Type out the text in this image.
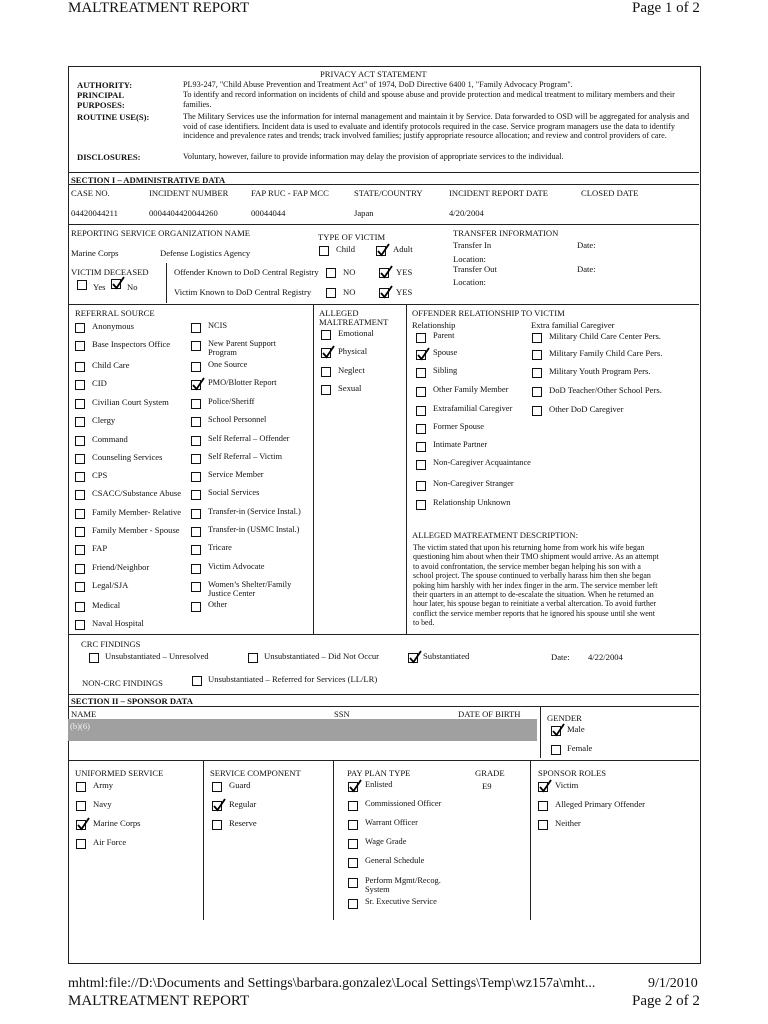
MALTREATMENT REPORT	Page 1 of 2
PRIVACY ACT STATEMENT
AUTHORITY:	PL93-247, "Child Abuse Prevention and Treatment Act" of 1974, DoD Directive 6400 1, "Family Advocacy Program".
PRINCIPAL
PURPOSES:
To identify and record information on incidents of child and spouse abuse and provide protection and medical treatment to military members and their families.
ROUTINE USE(S):	The Military Services use the information for internal management and maintain it by Service. Data forwarded to OSD will be aggregated for analysis and void of case identifiers. Incident data is used to evaluate and identify protocols required in the case. Service program managers use the data to identify incidence and prevalence rates and trends; track involved families; justify appropriate resource allocation; and review and control providers of care.
DISCLOSURES:	Voluntary, however, failure to provide information may delay the provision of appropriate services to the individual.
SECTION I – ADMINISTRATIVE DATA
CASE NO.	INCIDENT NUMBER	FAP RUC - FAP MCC	STATE/COUNTRY	INCIDENT REPORT DATE	CLOSED DATE
04420044211	0004404420044260	00044044	Japan	4/20/2004
REPORTING SERVICE ORGANIZATION NAME
Marine Corps	Defense Logistics Agency
TYPE OF VICTIM
Child	Adult
TRANSFER INFORMATION
Transfer In	Date:
Location:
Transfer Out	Date:
Location:
VICTIM DECEASED
Yes No
Offender Known to DoD Central Registry	NO	YES
Victim Known to DoD Central Registry	NO	YES
REFERRAL SOURCE
Anonymous
Base Inspectors Office
Child Care
CID
Civilian Court System
Clergy
Command
Counseling Services
CPS
CSACC/Substance Abuse
Family Member- Relative
Family Member - Spouse
FAP
Friend/Neighbor
Legal/SJA
Medical
Naval Hospital
NCIS
New Parent Support Program
One Source
PMO/Blotter Report
Police/Sheriff
School Personnel
Self Referral – Offender
Self Referral – Victim
Service Member
Social Services
Transfer-in (Service Instal.)
Transfer-in (USMC Instal.)
Tricare
Victim Advocate
Women’s Shelter/Family Justice Center
Other
ALLEGED
MALTREATMENT
Emotional
Physical
Neglect
Sexual
OFFENDER RELATIONSHIP TO VICTIM
Relationship	Extra familial Caregiver
Parent
Spouse
Sibling
Other Family Member
Extrafamilial Caregiver
Former Spouse
Intimate Partner
Non-Caregiver Acquaintance
Non-Caregiver Stranger
Relationship Unknown
Military Child Care Center Pers.
Military Family Child Care Pers.
Military Youth Program Pers.
DoD Teacher/Other School Pers.
Other DoD Caregiver
ALLEGED MATREATMENT DESCRIPTION:
The victim stated that upon his returning home from work his wife began questioning him about when their TMO shipment would arrive. As an attempt to avoid confrontation, the service member began helping his son with a school project. The spouse continued to verbally harass him then she began poking him harshly with her index finger in the arm. The service member left their quarters in an attempt to de-escalate the situation. When he returned an hour later, his spouse began to reinitiate a verbal altercation. To avoid further conflict the service member reports that he ignored his spouse until she went to bed.
CRC FINDINGS
Unsubstantiated – Unresolved	Unsubstantiated – Did Not Occur	Substantiated	Date: 4/22/2004
NON-CRC FINDINGS	Unsubstantiated – Referred for Services (LL/LR)
SECTION II – SPONSOR DATA
NAME	SSN	DATE OF BIRTH
(b)(6)
GENDER
Male
Female
UNIFORMED SERVICE
Army
Navy
Marine Corps
Air Force
SERVICE COMPONENT
Guard
Regular
Reserve
PAY PLAN TYPE
Enlisted
Commissioned Officer
Warrant Officer
Wage Grade
General Schedule
Perform Mgmt/Recog. System
Sr. Executive Service
GRADE
E9
SPONSOR ROLES
Victim
Alleged Primary Offender
Neither
mhtml:file://D:\Documents and Settings\barbara.gonzalez\Local Settings\Temp\wz157a\mht...	9/1/2010
MALTREATMENT REPORT	Page 2 of 2
